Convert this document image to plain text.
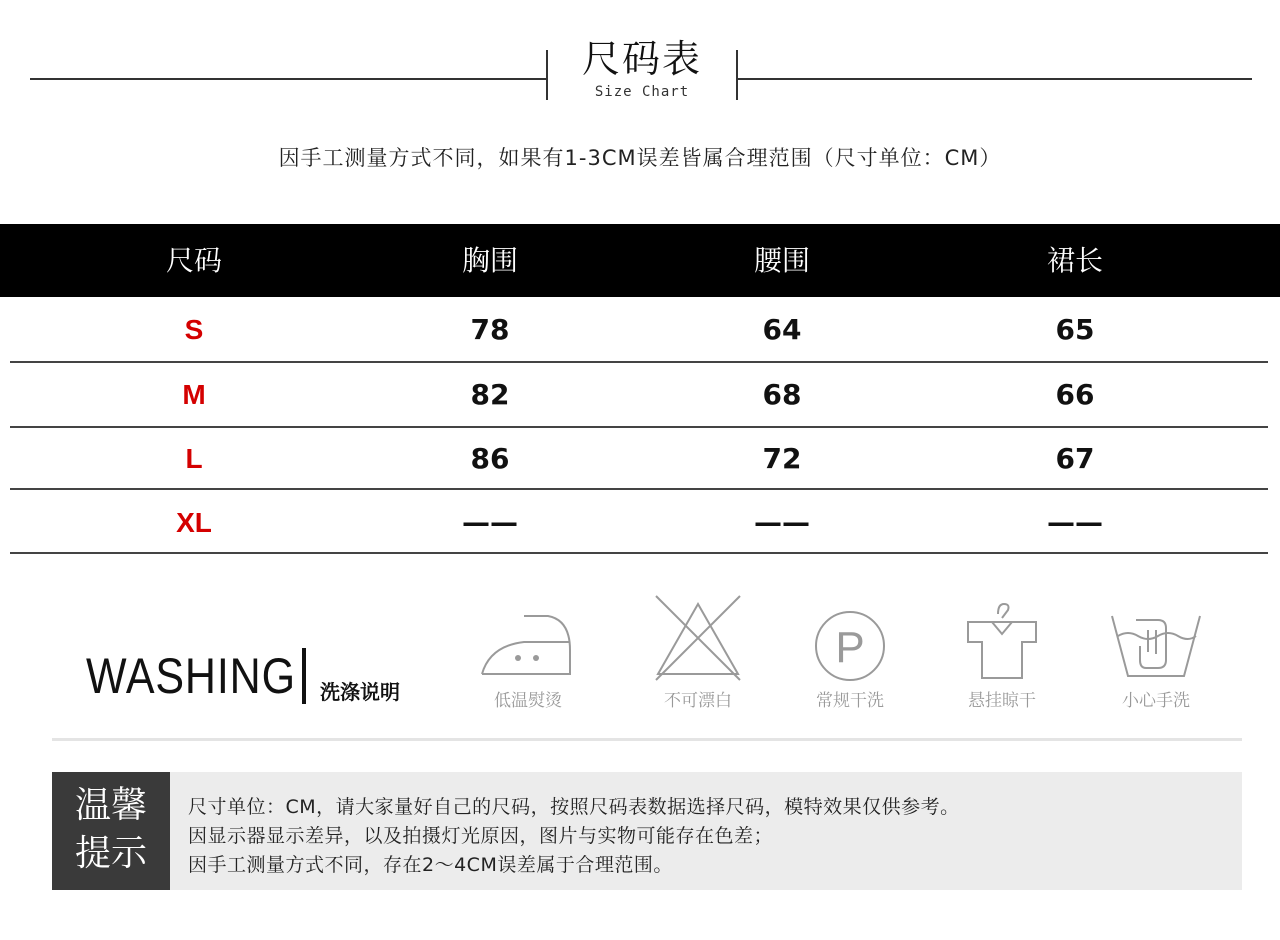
尺码表
Size Chart
因手工测量方式不同，如果有1-3CM误差皆属合理范围（尺寸单位：CM）
尺码	胸围	腰围	裙长
S	78	64	65
M	82	68	66
L	86	72	67
XL	——	——	——
WASHING 洗涤说明	低温熨烫	不可漂白
P
常规干洗	悬挂晾干	小心手洗
温馨
提示
尺寸单位：CM，请大家量好自己的尺码，按照尺码表数据选择尺码，模特效果仅供参考。
因显示器显示差异，以及拍摄灯光原因，图片与实物可能存在色差；
因手工测量方式不同，存在2～4CM误差属于合理范围。
